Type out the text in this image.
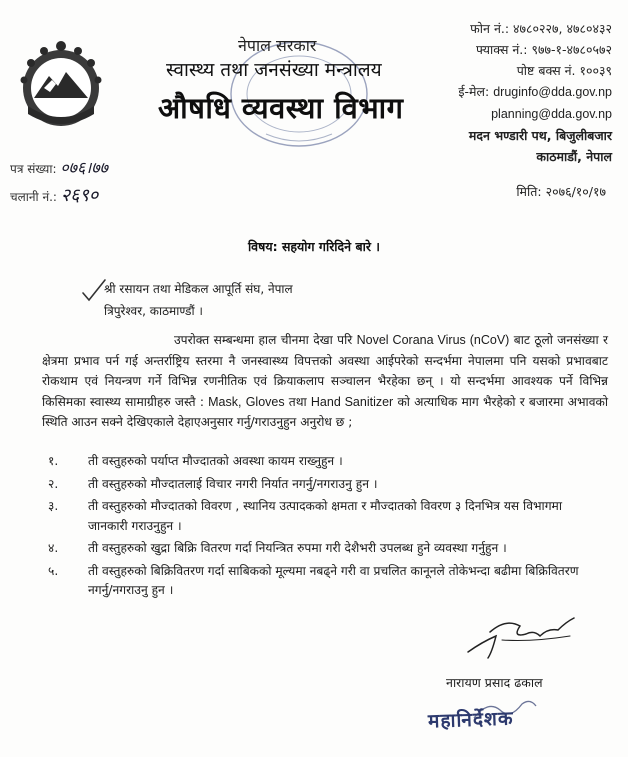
नेपाल सरकार
स्वास्थ्य तथा जनसंख्या मन्त्रालय
औषधि व्यवस्था विभाग
फोन नं.: ४७८०२२७, ४७८०४३२
फ्याक्स नं.: ९७७-१-४७८०५७२
पोष्ट बक्स नं. १००३९
ई-मेल: druginfo@dda.gov.np
planning@dda.gov.np
मदन भण्डारी पथ, बिजुलीबजार
काठमाडौं, नेपाल
पत्र संख्या: ०७६।७७
चलानी नं.: २६९०	मिति: २०७६/१०/१७
विषय: सहयोग गरिदिने बारे ।
श्री रसायन तथा मेडिकल आपूर्ति संघ, नेपाल
त्रिपुरेश्वर, काठमाण्डौं ।
उपरोक्त सम्बन्धमा हाल चीनमा देखा परि Novel Corana Virus (nCoV) बाट ठूलो जनसंख्या र क्षेत्रमा प्रभाव पर्न गई अन्तर्राष्ट्रिय स्तरमा नै जनस्वास्थ्य विपत्तको अवस्था आईपरेको सन्दर्भमा नेपालमा पनि यसको प्रभावबाट रोकथाम एवं नियन्त्रण गर्ने विभिन्न रणनीतिक एवं क्रियाकलाप सञ्चालन भैरहेका छन् । यो सन्दर्भमा आवश्यक पर्ने विभिन्न किसिमका स्वास्थ्य सामाग्रीहरु जस्तै : Mask, Gloves तथा Hand Sanitizer को अत्याधिक माग भैरहेको र बजारमा अभावको स्थिति आउन सक्ने देखिएकाले देहाएअनुसार गर्नु/गराउनुहुन अनुरोध छ ;
१.	ती वस्तुहरुको पर्याप्त मौज्दातको अवस्था कायम राख्नुहुन ।
२.	ती वस्तुहरुको मौज्दातलाई विचार नगरी निर्यात नगर्नु/नगराउनु हुन ।
३.	ती वस्तुहरुको मौज्दातको विवरण , स्थानिय उत्पादकको क्षमता र मौज्दातको विवरण ३ दिनभित्र यस विभागमा जानकारी गराउनुहुन ।
४.	ती वस्तुहरुको खुद्रा बिक्रि वितरण गर्दा नियन्त्रित रुपमा गरी देशैभरी उपलब्ध हुने व्यवस्था गर्नुहुन ।
५.	ती वस्तुहरुको बिक्रिवितरण गर्दा साबिकको मूल्यमा नबढ्ने गरी वा प्रचलित कानूनले तोकेभन्दा बढीमा बिक्रिवितरण नगर्नु/नगराउनु हुन ।
नारायण प्रसाद ढकाल
महानिर्देशक
